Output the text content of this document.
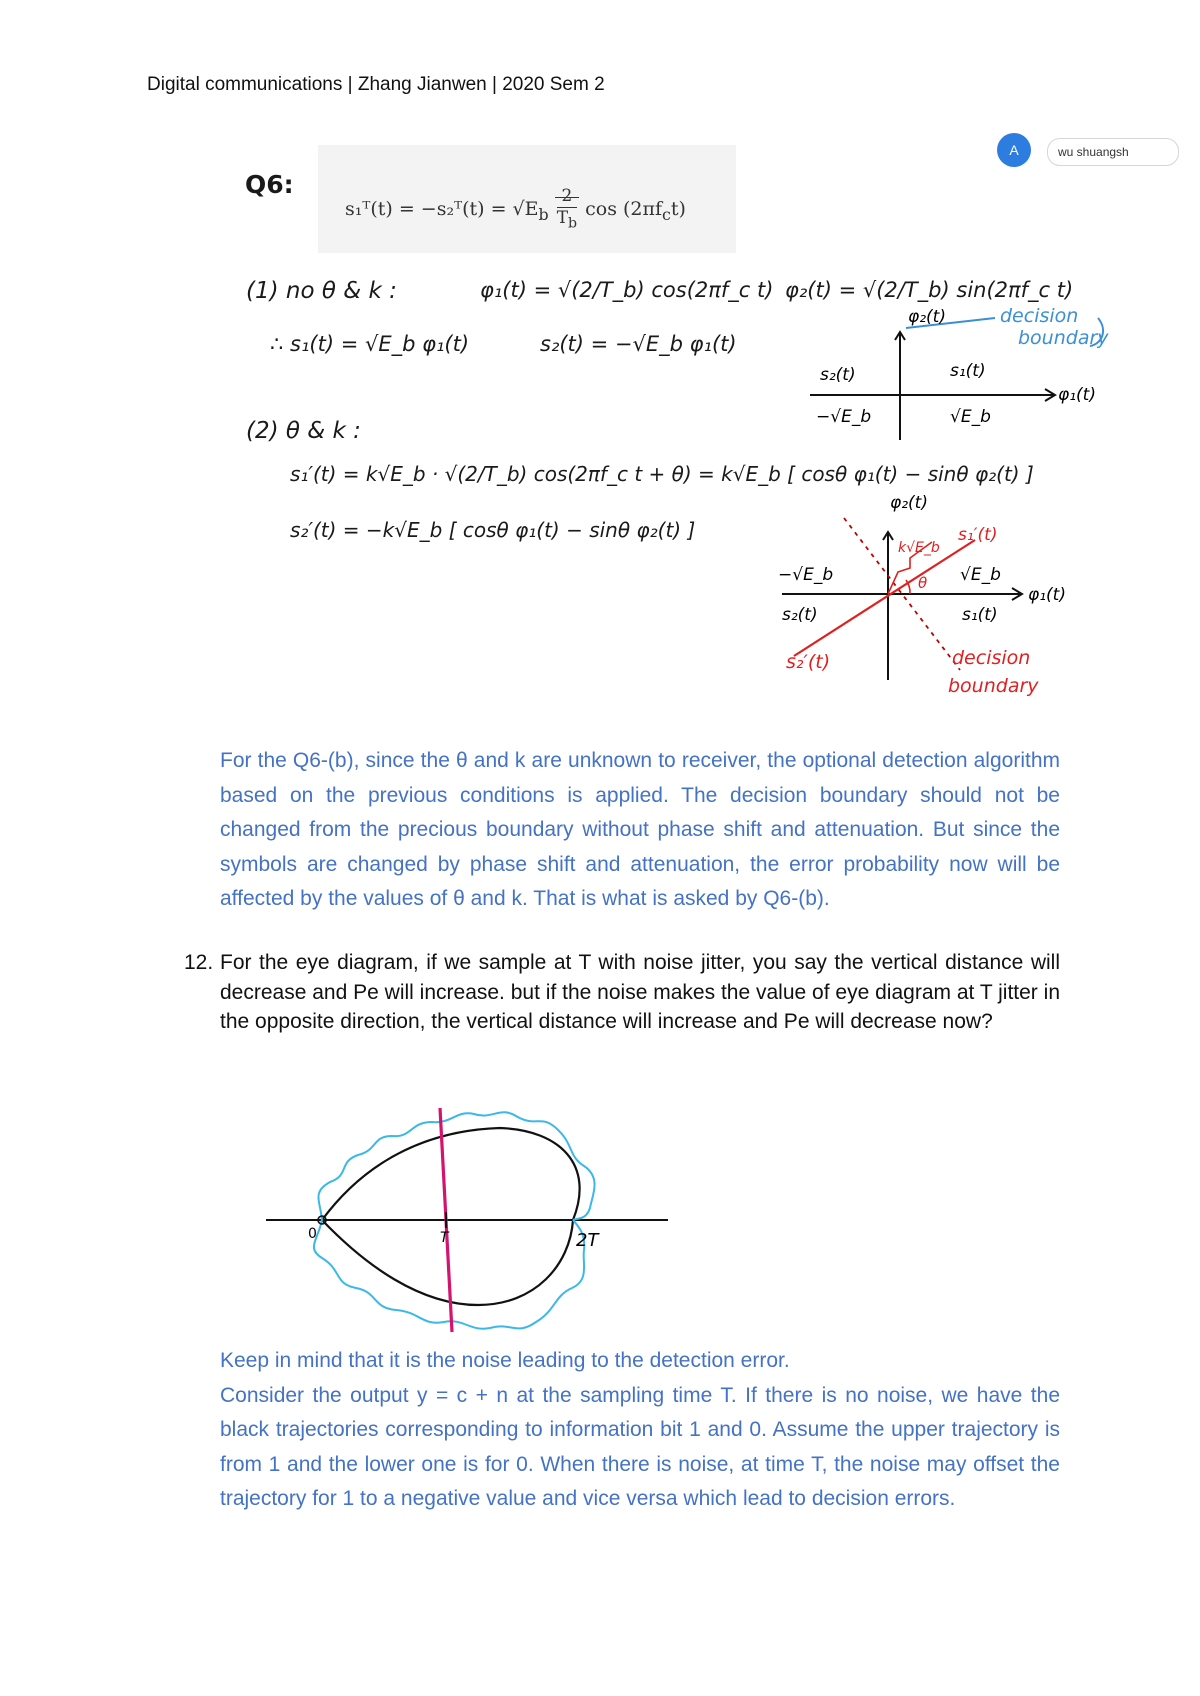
Digital communications | Zhang Jianwen | 2020 Sem 2
A	wu shuangsh
Q6:
s₁ᵀ(t) = −s₂ᵀ(t) = $√E_b \frac{2}{T_b}$ $\cos (2\pi f_ct)$
(1) no θ & k :	φ₁(t) = √(2/T_b) cos(2πf_c t) φ₂(t) = √(2/T_b) sin(2πf_c t)
∴ s₁(t) = √E_b φ₁(t)	s₂(t) = −√E_b φ₁(t)
(2) θ & k :
s₁′(t) = k√E_b · √(2/T_b) cos(2πf_c t + θ) = k√E_b [ cosθ φ₁(t) − sinθ φ₂(t) ]
s₂′(t) = −k√E_b [ cosθ φ₁(t) − sinθ φ₂(t) ]
φ₂(t)
φ₁(t)
decision
boundary
s₂(t)	s₁(t)
−√E_b	√E_b
φ₂(t)
φ₁(t)
k√E_b
s₁′(t)
θ
−√E_b
s₂(t)
√E_b
s₁(t)
s₂′(t)	decision
boundary

For the Q6-(b), since the θ and k are unknown to receiver, the optional detection algorithm based on the previous conditions is applied. The decision boundary should not be changed from the precious boundary without phase shift and attenuation. But since the symbols are changed by phase shift and attenuation, the error probability now will be affected by the values of θ and k. That is what is asked by Q6-(b).

12. For the eye diagram, if we sample at T with noise jitter, you say the vertical distance will decrease and Pe will increase. but if the noise makes the value of eye diagram at T jitter in the opposite direction, the vertical distance will increase and Pe will decrease now?
0	T	2T

Keep in mind that it is the noise leading to the detection error.

Consider the output y = c + n at the sampling time T. If there is no noise, we have the black trajectories corresponding to information bit 1 and 0. Assume the upper trajectory is from 1 and the lower one is for 0. When there is noise, at time T, the noise may offset the trajectory for 1 to a negative value and vice versa which lead to decision errors.
